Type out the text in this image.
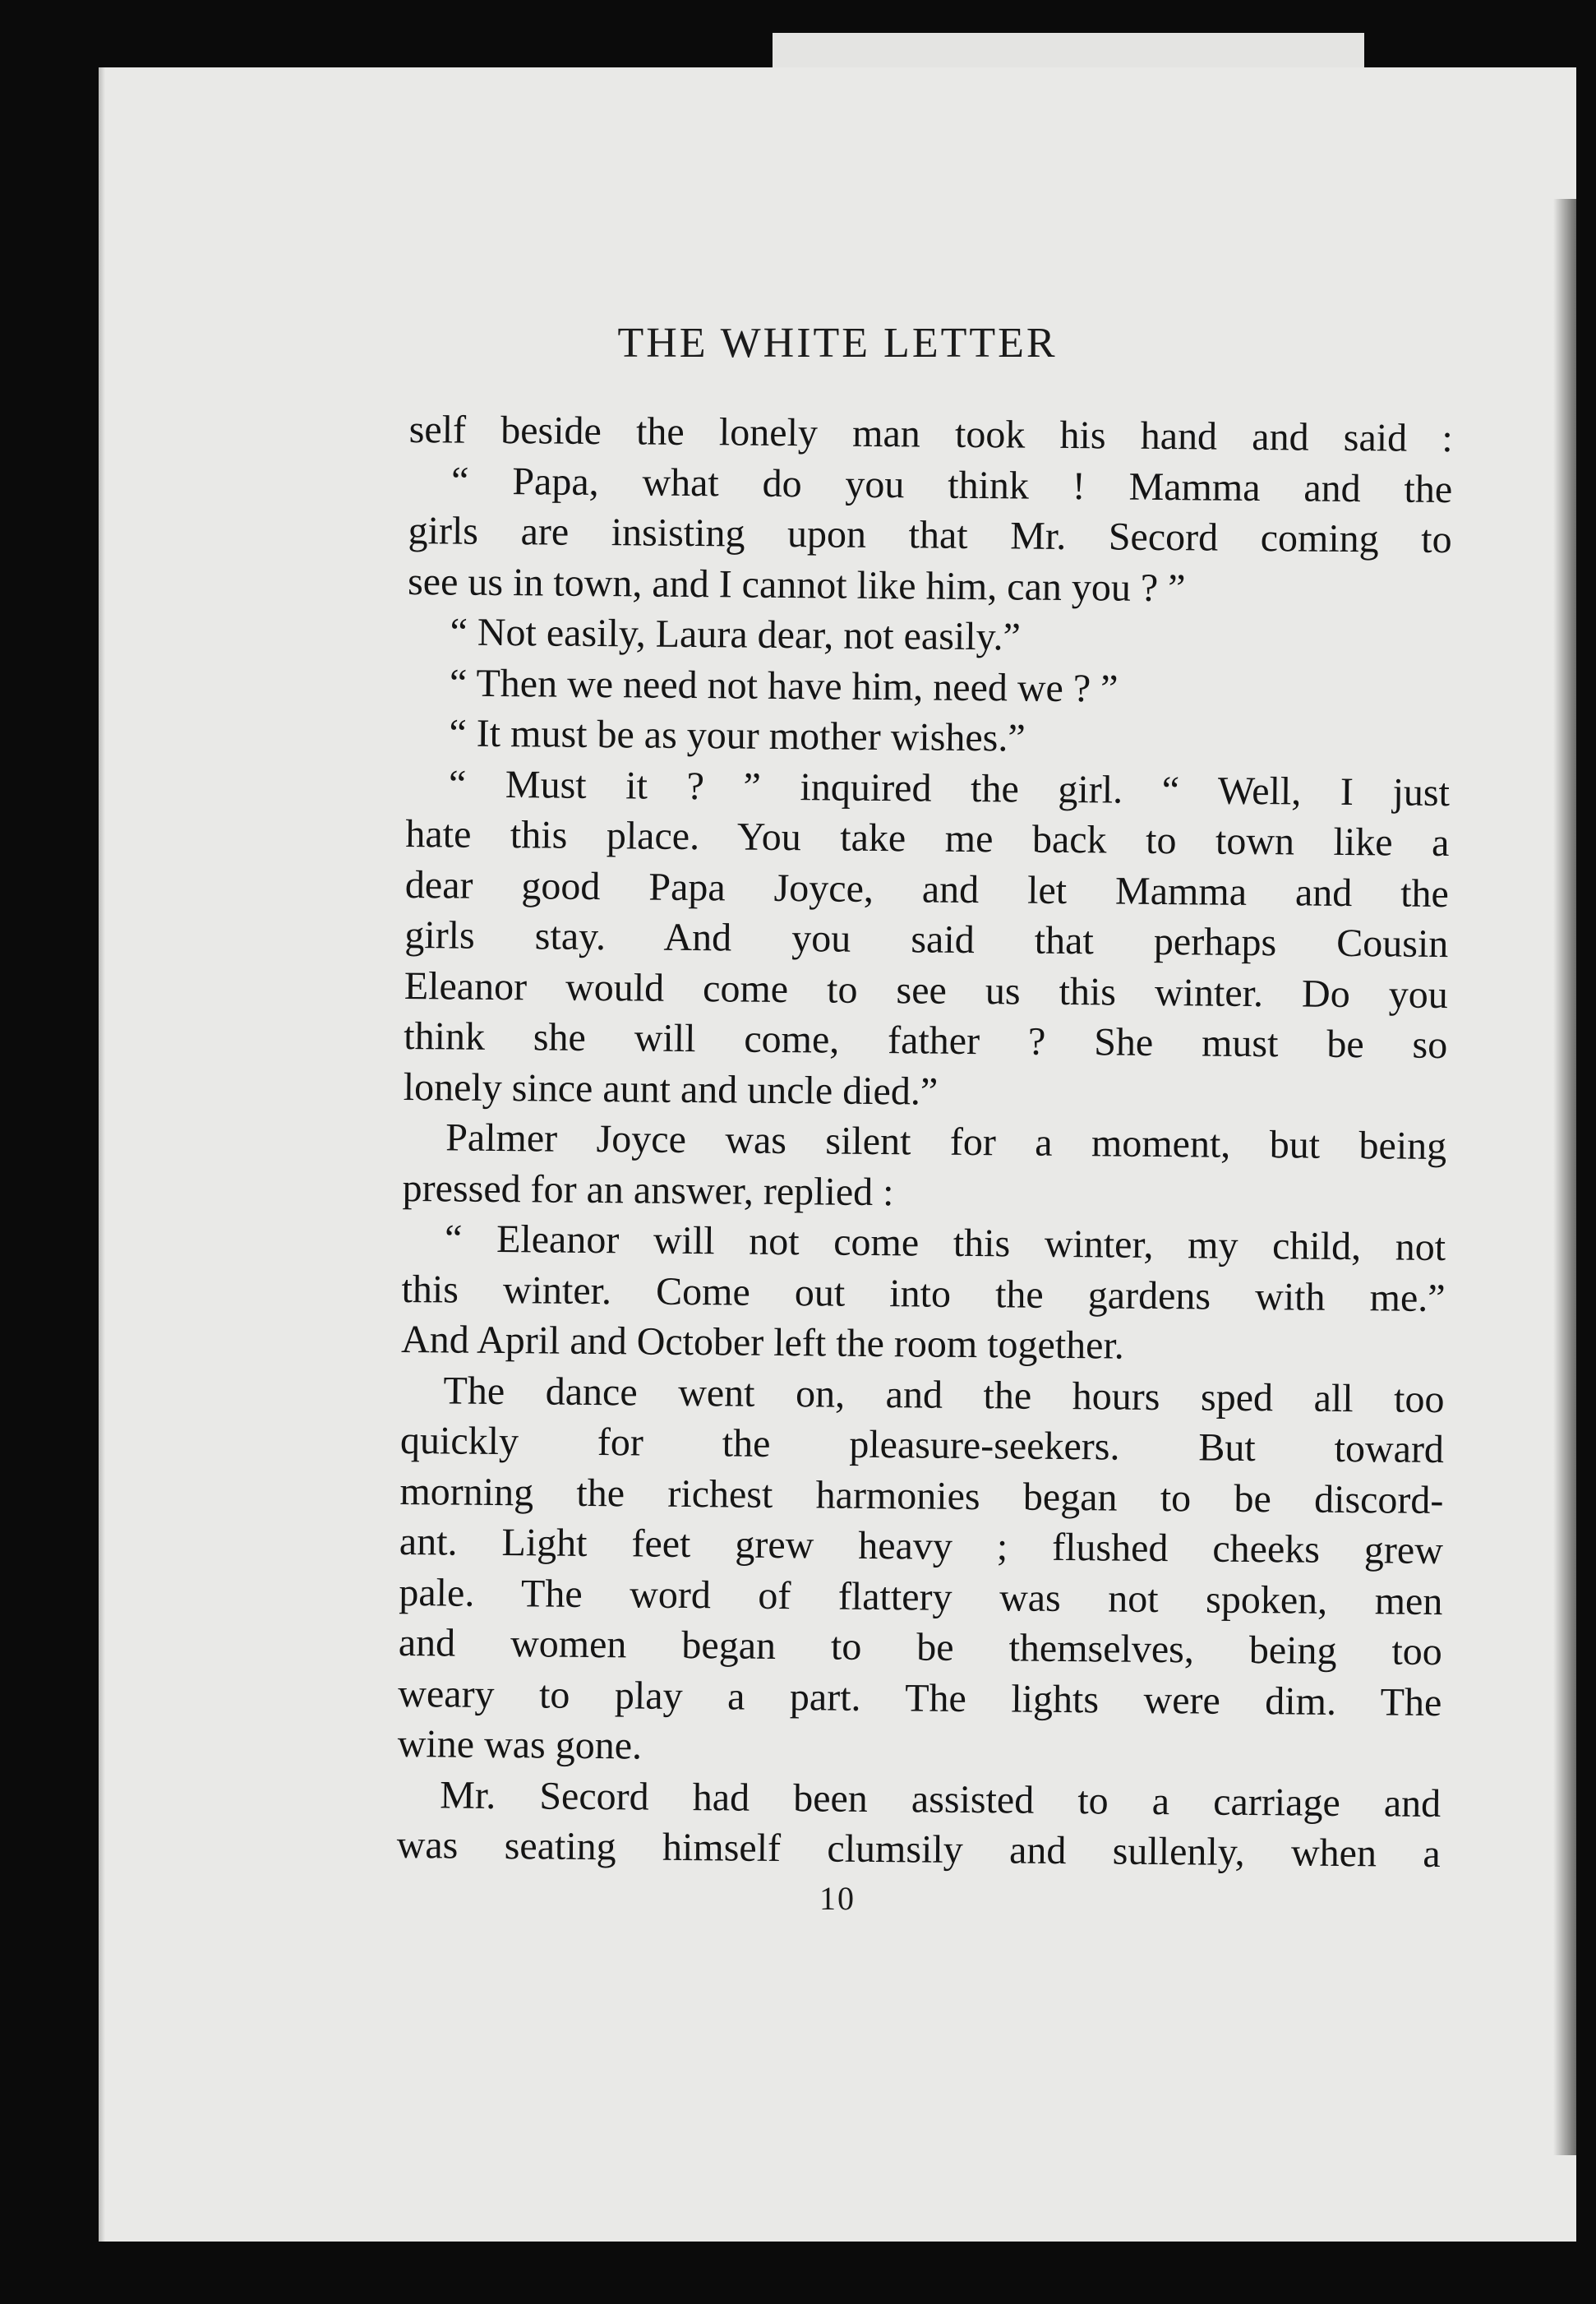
THE WHITE LETTER

self beside the lonely man took his hand and said :

“ Papa, what do you think ! Mamma and the

girls are insisting upon that Mr. Secord coming to

see us in town, and I cannot like him, can you ? ”

“ Not easily, Laura dear, not easily.”

“ Then we need not have him, need we ? ”

“ It must be as your mother wishes.”

“ Must it ? ” inquired the girl. “ Well, I just

hate this place. You take me back to town like a

dear good Papa Joyce, and let Mamma and the

girls stay. And you said that perhaps Cousin

Eleanor would come to see us this winter. Do you

think she will come, father ? She must be so

lonely since aunt and uncle died.”

Palmer Joyce was silent for a moment, but being

pressed for an answer, replied :

“ Eleanor will not come this winter, my child, not

this winter. Come out into the gardens with me.”

And April and October left the room together.

The dance went on, and the hours sped all too

quickly for the pleasure-seekers. But toward

morning the richest harmonies began to be discord-

ant. Light feet grew heavy ; flushed cheeks grew

pale. The word of flattery was not spoken, men

and women began to be themselves, being too

weary to play a part. The lights were dim. The

wine was gone.

Mr. Secord had been assisted to a carriage and

was seating himself clumsily and sullenly, when a

10
